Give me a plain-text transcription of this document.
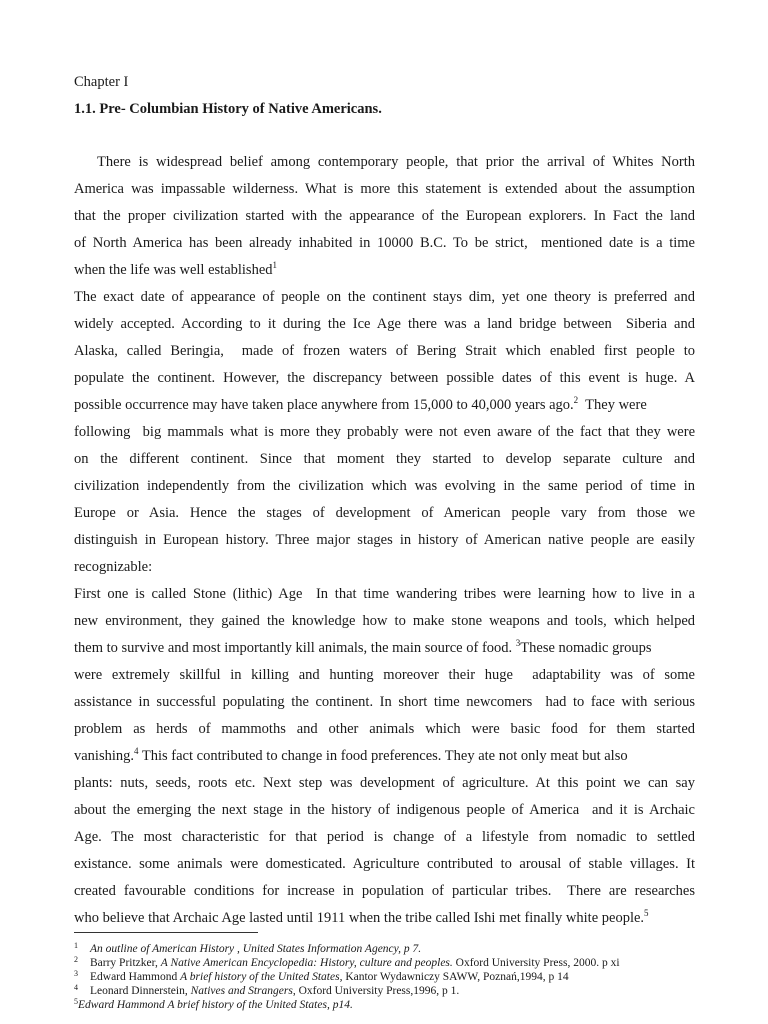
Chapter I
1.1. Pre- Columbian History of Native Americans.
There is widespread belief among contemporary people, that prior the arrival of Whites North
America was impassable wilderness. What is more this statement is extended about the assumption
that the proper civilization started with the appearance of the European explorers. In Fact the land
of North America has been already inhabited in 10000 B.C. To be strict,  mentioned date is a time
when the life was well established$^1$
The exact date of appearance of people on the continent stays dim, yet one theory is preferred and
widely accepted. According to it during the Ice Age there was a land bridge between  Siberia and
Alaska, called Beringia,  made of frozen waters of Bering Strait which enabled first people to
populate the continent. However, the discrepancy between possible dates of this event is huge. A
possible occurrence may have taken place anywhere from 15,000 to 40,000 years ago.$^2$  They were
following  big mammals what is more they probably were not even aware of the fact that they were
on the different continent. Since that moment they started to develop separate culture and
civilization independently from the civilization which was evolving in the same period of time in
Europe or Asia. Hence the stages of development of American people vary from those we
distinguish in European history. Three major stages in history of American native people are easily
recognizable:
First one is called Stone (lithic) Age  In that time wandering tribes were learning how to live in a
new environment, they gained the knowledge how to make stone weapons and tools, which helped
them to survive and most importantly kill animals, the main source of food. $^3$These nomadic groups
were extremely skillful in killing and hunting moreover their huge  adaptability was of some
assistance in successful populating the continent. In short time newcomers  had to face with serious
problem as herds of mammoths and other animals which were basic food for them started
vanishing.$^4$ This fact contributed to change in food preferences. They ate not only meat but also
plants: nuts, seeds, roots etc. Next step was development of agriculture. At this point we can say
about the emerging the next stage in the history of indigenous people of America  and it is Archaic
Age. The most characteristic for that period is change of a lifestyle from nomadic to settled
existance. some animals were domesticated. Agriculture contributed to arousal of stable villages. It
created favourable conditions for increase in population of particular tribes.  There are researches
who believe that Archaic Age lasted until 1911 when the tribe called Ishi met finally white people.$^5$
1 An outline of American History , United States Information Agency, p 7.
2 Barry Pritzker, A Native American Encyclopedia: History, culture and peoples. Oxford University Press, 2000. p xi
3 Edward Hammond A brief history of the United States, Kantor Wydawniczy SAWW, Poznań,1994, p 14
4 Leonard Dinnerstein, Natives and Strangers, Oxford University Press,1996, p 1.
5Edward Hammond A brief history of the United States, p14.
